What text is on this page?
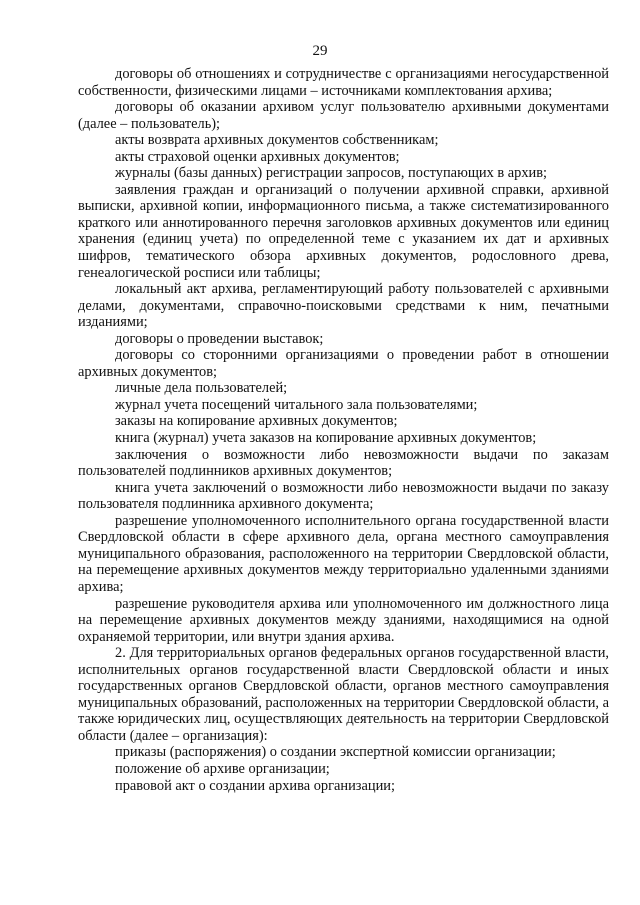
29

договоры об отношениях и сотрудничестве с организациями негосударственной собственности, физическими лицами – источниками комплектования архива;

договоры об оказании архивом услуг пользователю архивными документами (далее – пользователь);

акты возврата архивных документов собственникам;

акты страховой оценки архивных документов;

журналы (базы данных) регистрации запросов, поступающих в архив;

заявления граждан и организаций о получении архивной справки, архивной выписки, архивной копии, информационного письма, а также систематизированного краткого или аннотированного перечня заголовков архивных документов или единиц хранения (единиц учета) по определенной теме с указанием их дат и архивных шифров, тематического обзора архивных документов, родословного древа, генеалогической росписи или таблицы;

локальный акт архива, регламентирующий работу пользователей с архивными делами, документами, справочно-поисковыми средствами к ним, печатными изданиями;

договоры о проведении выставок;

договоры со сторонними организациями о проведении работ в отношении архивных документов;

личные дела пользователей;

журнал учета посещений читального зала пользователями;

заказы на копирование архивных документов;

книга (журнал) учета заказов на копирование архивных документов;

заключения о возможности либо невозможности выдачи по заказам пользователей подлинников архивных документов;

книга учета заключений о возможности либо невозможности выдачи по заказу пользователя подлинника архивного документа;

разрешение уполномоченного исполнительного органа государственной власти Свердловской области в сфере архивного дела, органа местного самоуправления муниципального образования, расположенного на территории Свердловской области, на перемещение архивных документов между территориально удаленными зданиями архива;

разрешение руководителя архива или уполномоченного им должностного лица на перемещение архивных документов между зданиями, находящимися на одной охраняемой территории, или внутри здания архива.

2. Для территориальных органов федеральных органов государственной власти, исполнительных органов государственной власти Свердловской области и иных государственных органов Свердловской области, органов местного самоуправления муниципальных образований, расположенных на территории Свердловской области, а также юридических лиц, осуществляющих деятельность на территории Свердловской области (далее – организация):

приказы (распоряжения) о создании экспертной комиссии организации;

положение об архиве организации;

правовой акт о создании архива организации;
